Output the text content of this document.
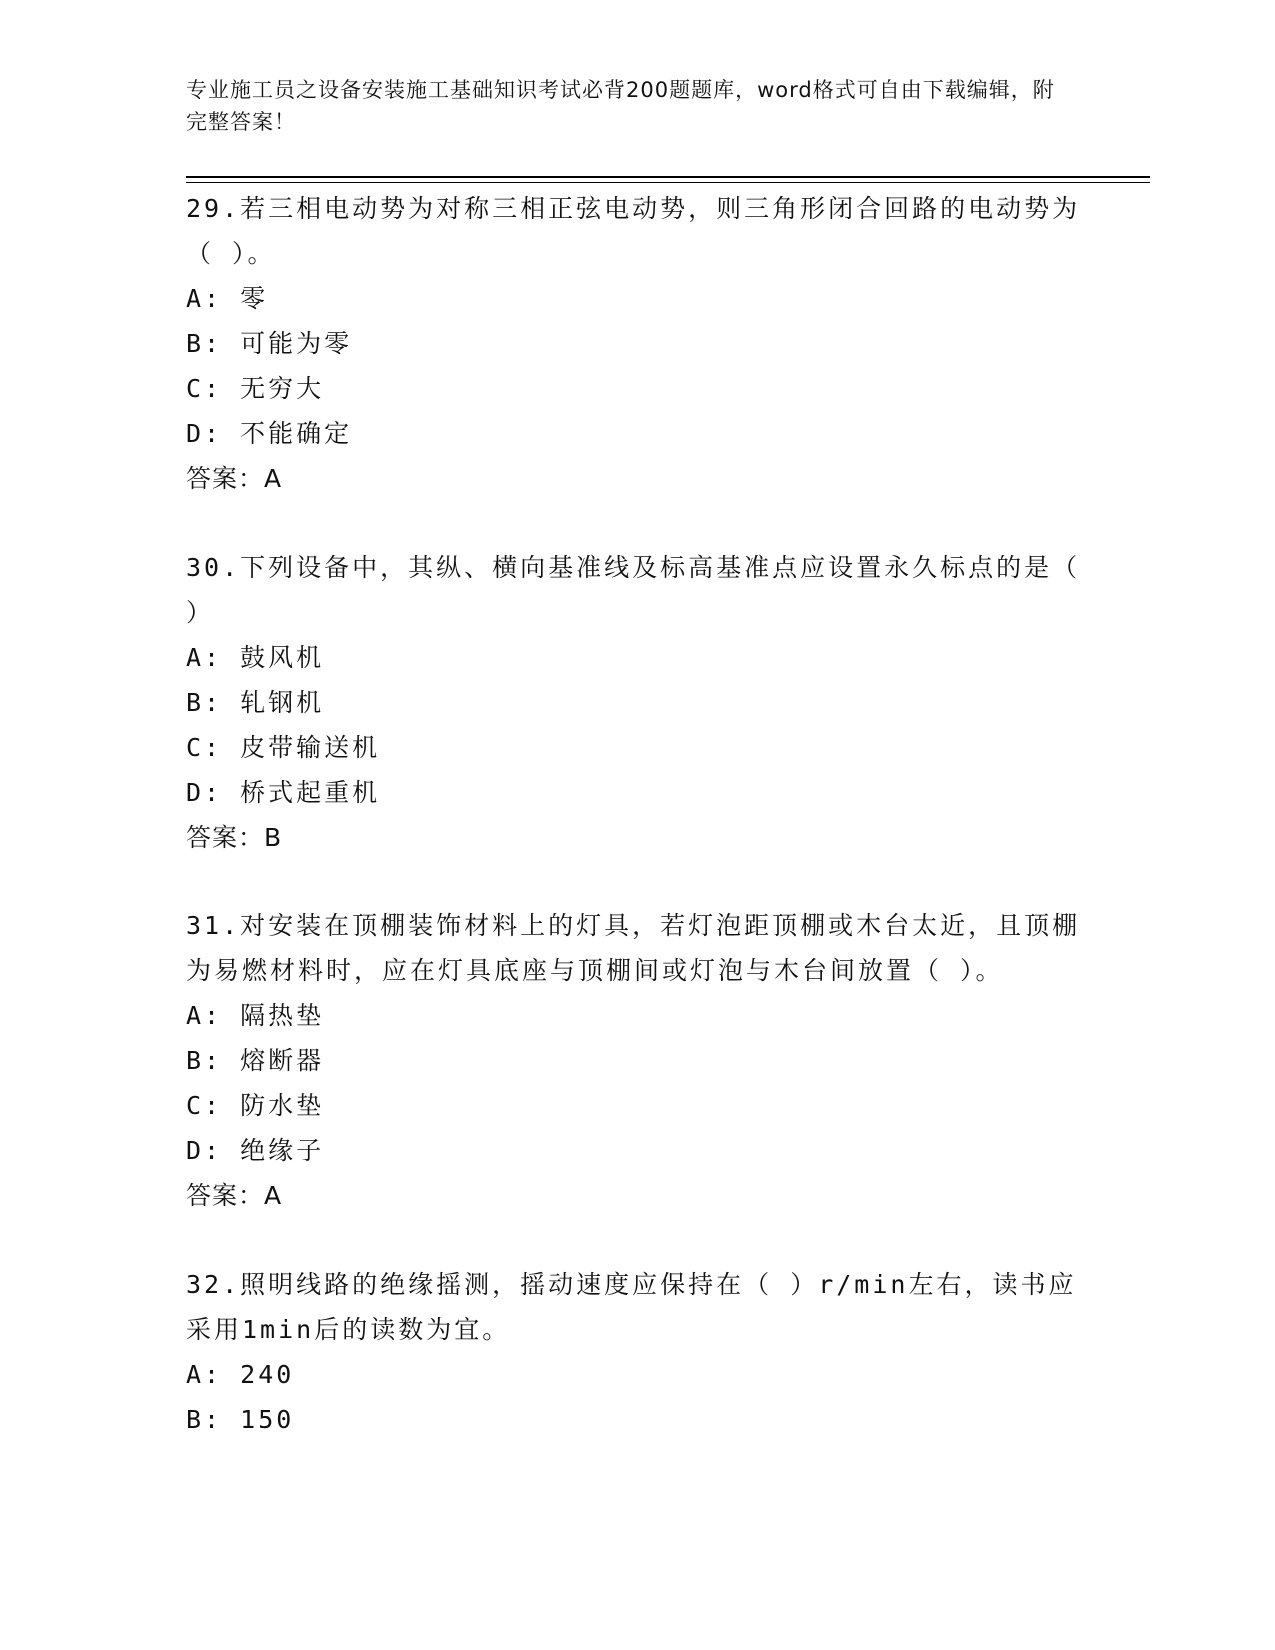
专业施工员之设备安装施工基础知识考试必背200题题库，word格式可自由下载编辑，附完整答案！

29.若三相电动势为对称三相正弦电动势，则三角形闭合回路的电动势为（ ）。

A: 零

B: 可能为零

C: 无穷大

D: 不能确定

答案：A

30.下列设备中，其纵、横向基准线及标高基准点应设置永久标点的是（ ）

A: 鼓风机

B: 轧钢机

C: 皮带输送机

D: 桥式起重机

答案：B

31.对安装在顶棚装饰材料上的灯具，若灯泡距顶棚或木台太近，且顶棚为易燃材料时，应在灯具底座与顶棚间或灯泡与木台间放置（ ）。

A: 隔热垫

B: 熔断器

C: 防水垫

D: 绝缘子

答案：A

32.照明线路的绝缘摇测，摇动速度应保持在（ ）r/min左右，读书应采用1min后的读数为宜。

A: 240

B: 150
